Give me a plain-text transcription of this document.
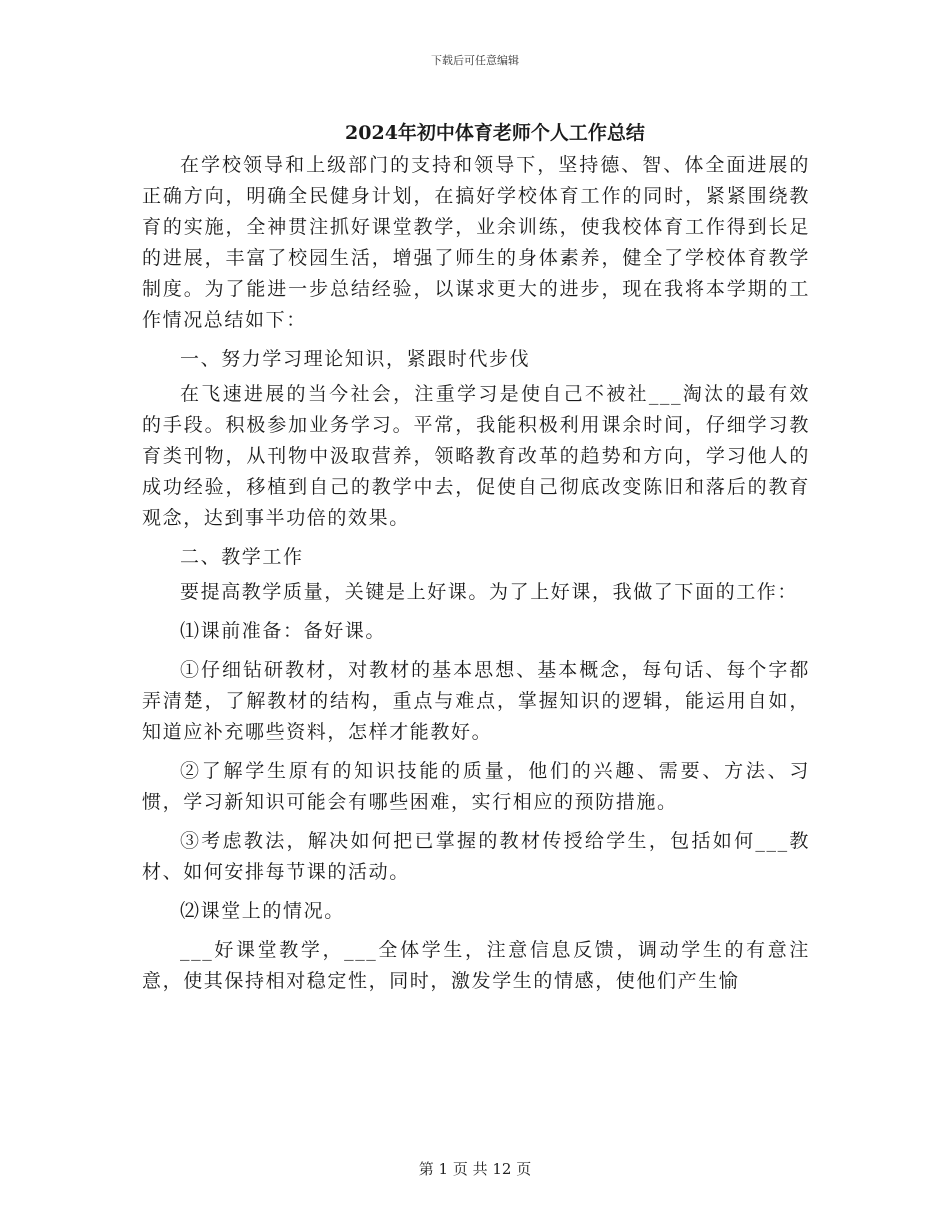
下载后可任意编辑
2024年初中体育老师个人工作总结

在学校领导和上级部门的支持和领导下，坚持德、智、体全面进展的正确方向，明确全民健身计划，在搞好学校体育工作的同时，紧紧围绕教育的实施，全神贯注抓好课堂教学，业余训练，使我校体育工作得到长足的进展，丰富了校园生活，增强了师生的身体素养，健全了学校体育教学制度。为了能进一步总结经验，以谋求更大的进步，现在我将本学期的工作情况总结如下：

一、努力学习理论知识，紧跟时代步伐

在飞速进展的当今社会，注重学习是使自己不被社___淘汰的最有效的手段。积极参加业务学习。平常，我能积极利用课余时间，仔细学习教育类刊物，从刊物中汲取营养，领略教育改革的趋势和方向，学习他人的成功经验，移植到自己的教学中去，促使自己彻底改变陈旧和落后的教育观念，达到事半功倍的效果。

二、教学工作

要提高教学质量，关键是上好课。为了上好课，我做了下面的工作：

⑴课前准备：备好课。

①仔细钻研教材，对教材的基本思想、基本概念，每句话、每个字都弄清楚，了解教材的结构，重点与难点，掌握知识的逻辑，能运用自如，知道应补充哪些资料，怎样才能教好。

②了解学生原有的知识技能的质量，他们的兴趣、需要、方法、习惯，学习新知识可能会有哪些困难，实行相应的预防措施。

③考虑教法，解决如何把已掌握的教材传授给学生，包括如何___教材、如何安排每节课的活动。

⑵课堂上的情况。

___好课堂教学，___全体学生，注意信息反馈，调动学生的有意注意，使其保持相对稳定性，同时，激发学生的情感，使他们产生愉

第 1 页 共 12 页
